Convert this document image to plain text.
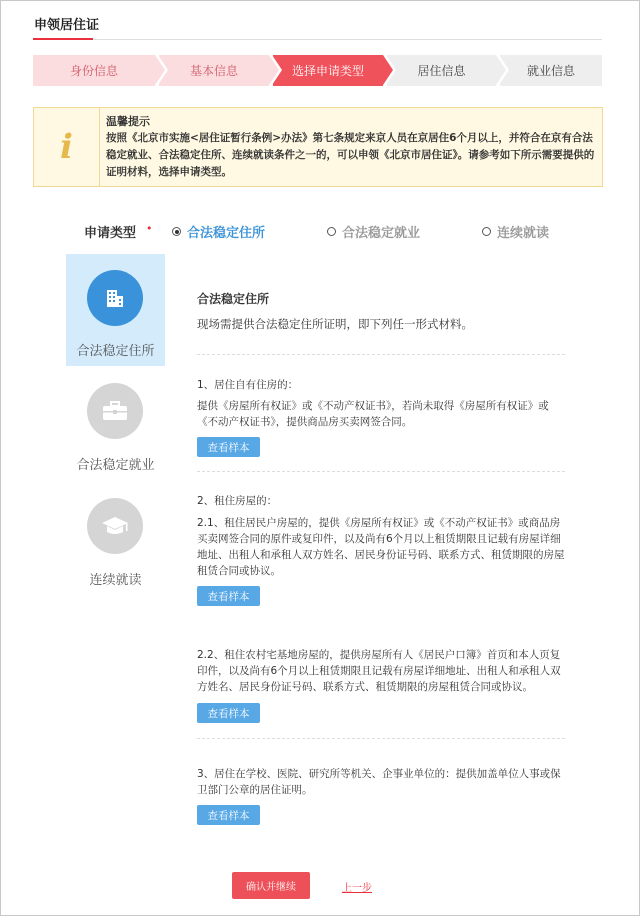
申领居住证
身份信息	基本信息	选择申请类型	居住信息	就业信息
i
温馨提示
按照《北京市实施<居住证暂行条例>办法》第七条规定来京人员在京居住6个月以上，并符合在京有合法稳定就业、合法稳定住所、连续就读条件之一的，可以申领《北京市居住证》。请参考如下所示需要提供的证明材料，选择申请类型。
申请类型 •	合法稳定住所	合法稳定就业	连续就读
合法稳定住所
合法稳定就业
连续就读
合法稳定住所
现场需提供合法稳定住所证明，即下列任一形式材料。
1、居住自有住房的：
提供《房屋所有权证》或《不动产权证书》，若尚未取得《房屋所有权证》或《不动产权证书》，提供商品房买卖网签合同。
查看样本
2、租住房屋的：
2.1、租住居民户房屋的，提供《房屋所有权证》或《不动产权证书》或商品房买卖网签合同的原件或复印件，以及尚有6个月以上租赁期限且记载有房屋详细地址、出租人和承租人双方姓名、居民身份证号码、联系方式、租赁期限的房屋租赁合同或协议。
查看样本
2.2、租住农村宅基地房屋的，提供房屋所有人《居民户口簿》首页和本人页复印件，以及尚有6个月以上租赁期限且记载有房屋详细地址、出租人和承租人双方姓名、居民身份证号码、联系方式、租赁期限的房屋租赁合同或协议。
查看样本
3、居住在学校、医院、研究所等机关、企事业单位的：提供加盖单位人事或保卫部门公章的居住证明。
查看样本
确认并继续	上一步
